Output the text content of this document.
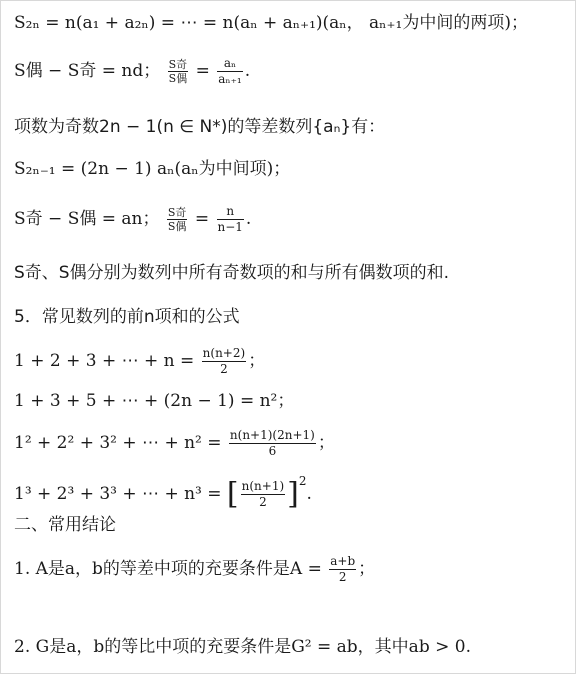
S₂ₙ = n(a₁ + a₂ₙ) = ⋯ = n(aₙ + aₙ₊₁)(aₙ， aₙ₊₁为中间的两项)；
S偶 − S奇 = nd； $\frac{\text{S奇}}{\text{S偶}} = \frac{\text{aₙ}}{\text{aₙ₊₁}}$ .
项数为奇数2n − 1(n ∈ N*)的等差数列{aₙ}有：
S₂ₙ₋₁ = (2n − 1) aₙ(aₙ为中间项)；
S奇 − S偶 = an； $\frac{\text{S奇}}{\text{S偶}} = \frac{n}{n-1}$ .
S奇、S偶分别为数列中所有奇数项的和与所有偶数项的和.
5．常见数列的前n项和的公式
1 + 2 + 3 + ⋯ + $n = \frac{n(n+2)}{2}$ ；
1 + 3 + 5 + ⋯ + (2n − 1) = n²；
1² + 2² + 3² + ⋯ + $n^2 = \frac{n(n+1)(2n+1)}{6}$ ；
1³ + 2³ + 3³ + ⋯ + n³ = [ $\frac{n(n+1)}{2} ]^2$.
二、常用结论
1. A是a，b的等差中项的充要条件是$A = \frac{a+b}{2}$ ；
2. G是a，b的等比中项的充要条件是G² = ab，其中ab > 0.
